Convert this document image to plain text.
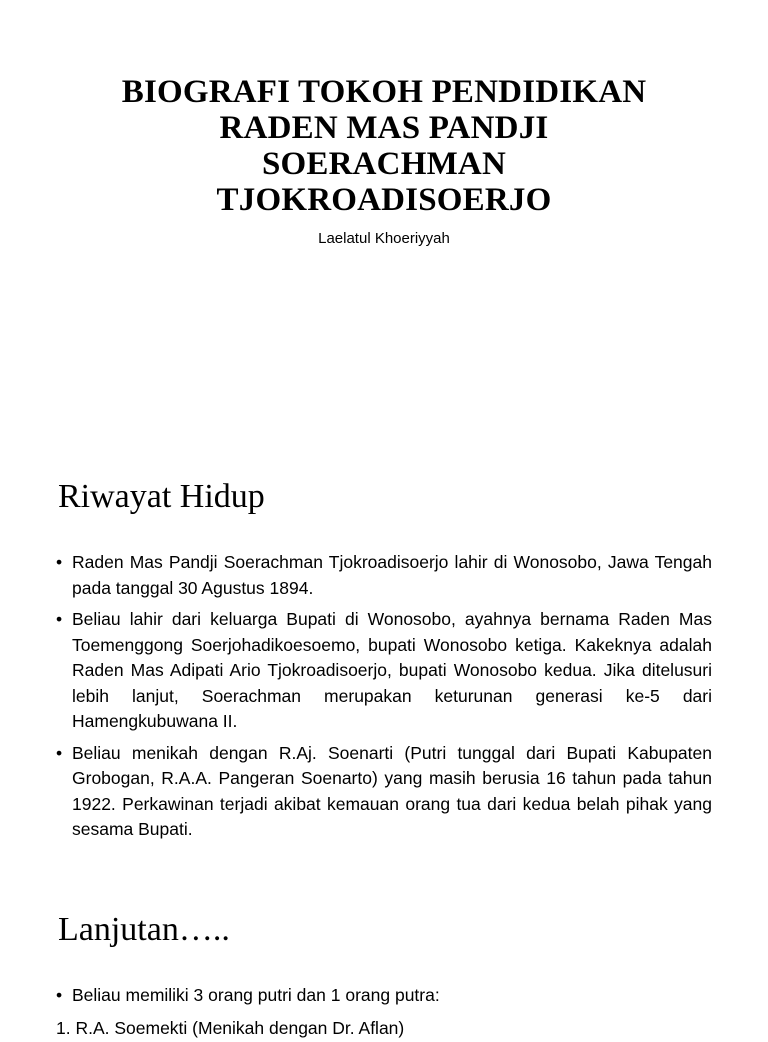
BIOGRAFI TOKOH PENDIDIKAN
RADEN MAS PANDJI
SOERACHMAN
TJOKROADISOERJO
Laelatul Khoeriyyah
Riwayat Hidup
• Raden Mas Pandji Soerachman Tjokroadisoerjo lahir di Wonosobo, Jawa Tengah pada tanggal 30 Agustus 1894.
• Beliau lahir dari keluarga Bupati di Wonosobo, ayahnya bernama Raden Mas Toemenggong Soerjohadikoesoemo, bupati Wonosobo ketiga. Kakeknya adalah Raden Mas Adipati Ario Tjokroadisoerjo, bupati Wonosobo kedua. Jika ditelusuri lebih lanjut, Soerachman merupakan keturunan generasi ke-5 dari Hamengkubuwana II.
• Beliau menikah dengan R.Aj. Soenarti (Putri tunggal dari Bupati Kabupaten Grobogan, R.A.A. Pangeran Soenarto) yang masih berusia 16 tahun pada tahun 1922. Perkawinan terjadi akibat kemauan orang tua dari kedua belah pihak yang sesama Bupati.
Lanjutan…..
• Beliau memiliki 3 orang putri dan 1 orang putra:
1. R.A. Soemekti (Menikah dengan Dr. Aflan)
